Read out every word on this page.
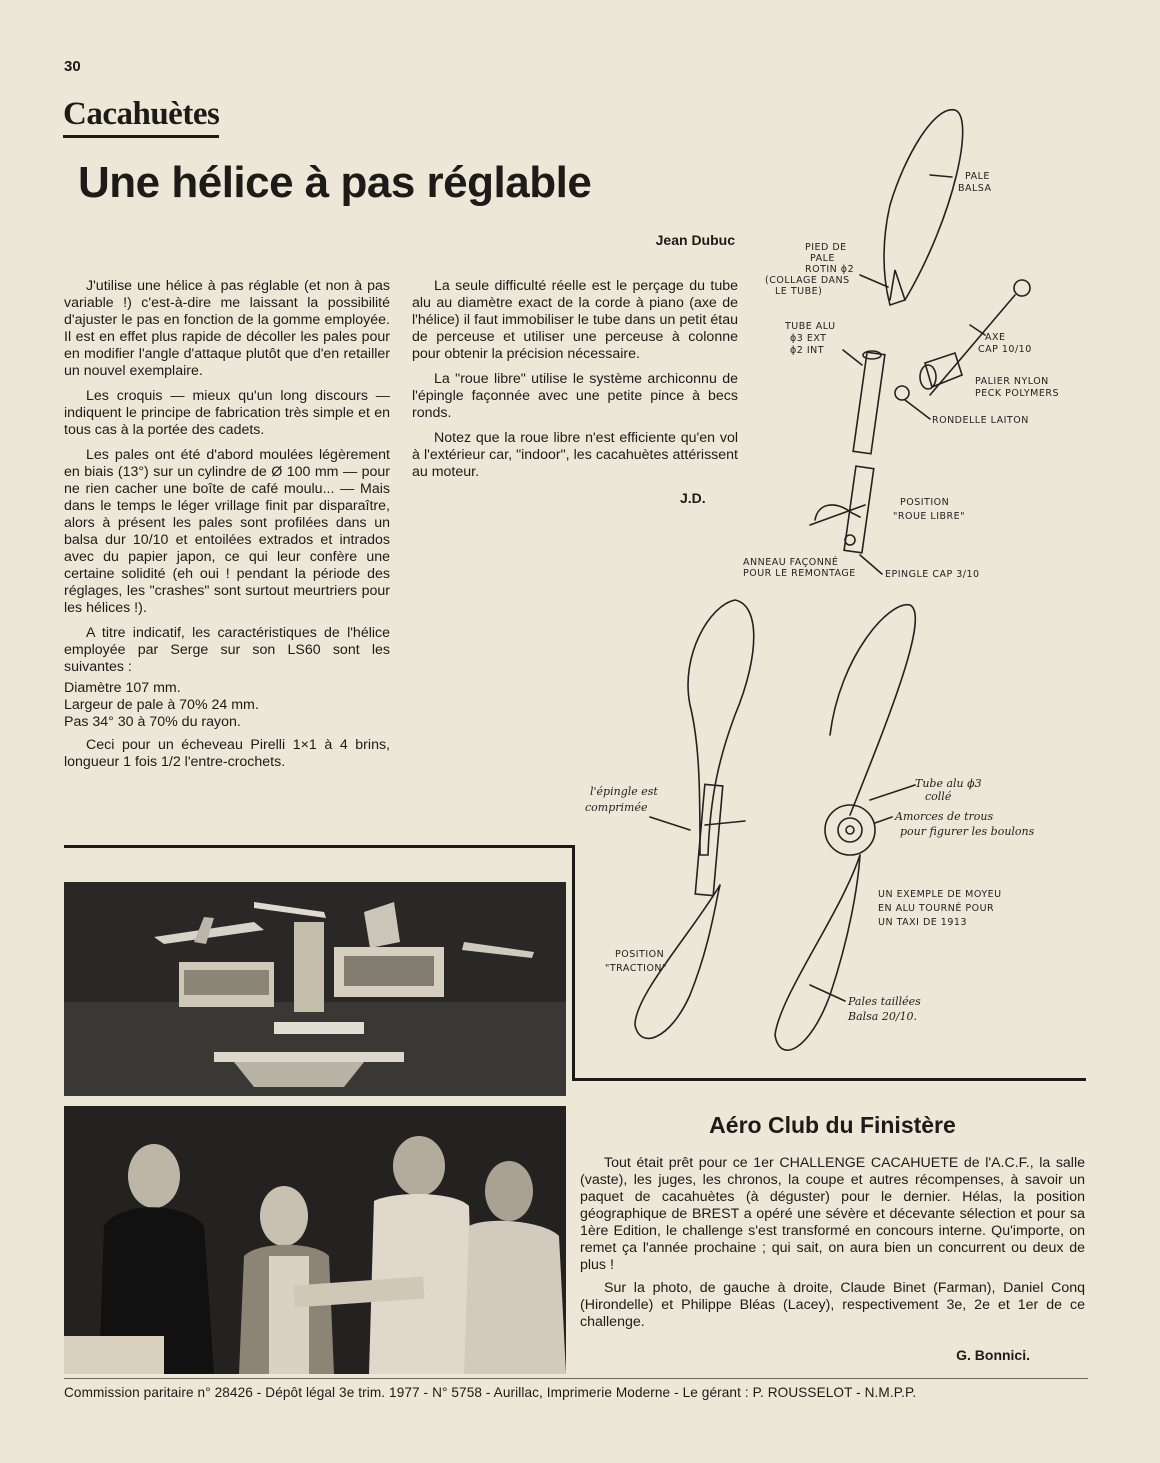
30
Cacahuètes
Une hélice à pas réglable
Jean Dubuc

J'utilise une hélice à pas réglable (et non à pas variable !) c'est-à-dire me laissant la possibilité d'ajuster le pas en fonction de la gomme employée. Il est en effet plus rapide de décoller les pales pour en modifier l'angle d'attaque plutôt que d'en retailler un nouvel exemplaire.

Les croquis — mieux qu'un long discours — indiquent le principe de fabrication très simple et en tous cas à la portée des cadets.

Les pales ont été d'abord moulées légèrement en biais (13°) sur un cylindre de Ø 100 mm — pour ne rien cacher une boîte de café moulu... — Mais dans le temps le léger vrillage finit par disparaître, alors à présent les pales sont profilées dans un balsa dur 10/10 et entoilées extrados et intrados avec du papier japon, ce qui leur confère une certaine solidité (eh oui ! pendant la période des réglages, les "crashes" sont surtout meurtriers pour les hélices !).

A titre indicatif, les caractéristiques de l'hélice employée par Serge sur son LS60 sont les suivantes :

Diamètre 107 mm.

Largeur de pale à 70% 24 mm.

Pas 34° 30 à 70% du rayon.

Ceci pour un écheveau Pirelli 1×1 à 4 brins, longueur 1 fois 1/2 l'entre-crochets.

La seule difficulté réelle est le perçage du tube alu au diamètre exact de la corde à piano (axe de l'hélice) il faut immobiliser le tube dans un petit étau de perceuse et utiliser une perceuse à colonne pour obtenir la précision nécessaire.

La "roue libre" utilise le système archiconnu de l'épingle façonnée avec une petite pince à becs ronds.

Notez que la roue libre n'est efficiente qu'en vol à l'extérieur car, "indoor", les cacahuètes attérissent au moteur.

J.D.
PALE
BALSA
PIED DE
PALE
ROTIN ϕ2
(COLLAGE DANS
LE TUBE)
TUBE ALU
ϕ3 EXT
ϕ2 INT
AXE
CAP 10/10
PALIER NYLON
PECK POLYMERS
RONDELLE LAITON
POSITION
"ROUE LIBRE"
ANNEAU FAÇONNÉ
POUR LE REMONTAGE	EPINGLE CAP 3/10
l'épingle est
comprimée
POSITION
"TRACTION"
Tube alu ϕ3
collé
Amorces de trous
pour figurer les boulons
UN EXEMPLE DE MOYEU
EN ALU TOURNÉ POUR
UN TAXI DE 1913
Pales taillées
Balsa 20/10.
Aéro Club du Finistère

Tout était prêt pour ce 1er CHALLENGE CACAHUETE de l'A.C.F., la salle (vaste), les juges, les chronos, la coupe et autres récompenses, à savoir un paquet de cacahuètes (à déguster) pour le dernier. Hélas, la position géographique de BREST a opéré une sévère et décevante sélection et pour sa 1ère Edition, le challenge s'est transformé en concours interne. Qu'importe, on remet ça l'année prochaine ; qui sait, on aura bien un concurrent ou deux de plus !

Sur la photo, de gauche à droite, Claude Binet (Farman), Daniel Conq (Hirondelle) et Philippe Bléas (Lacey), respectivement 3e, 2e et 1er de ce challenge.

G. Bonnici.
Commission paritaire n° 28426 - Dépôt légal 3e trim. 1977 - N° 5758 - Aurillac, Imprimerie Moderne - Le gérant : P. ROUSSELOT - N.M.P.P.
